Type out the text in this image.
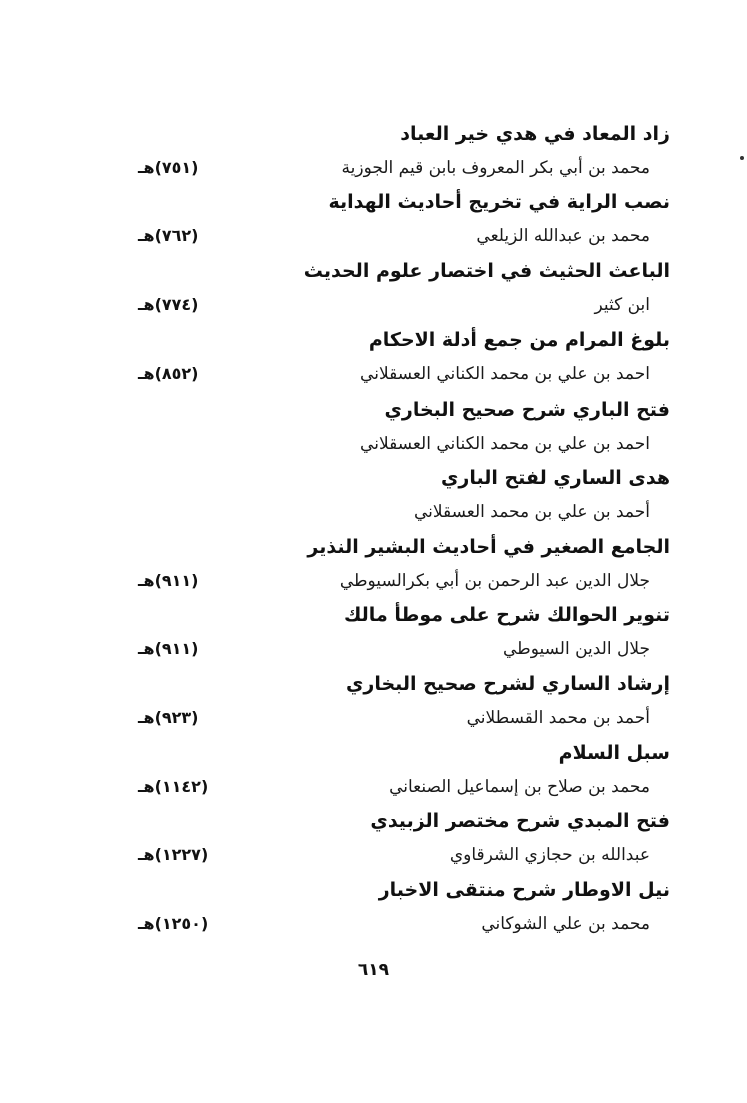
زاد المعاد في هدي خير العباد
محمد بن أبي بكر المعروف بابن قيم الجوزية
(٧٥١)هـ
نصب الراية في تخريج أحاديث الهداية
محمد بن عبدالله الزيلعي
(٧٦٢)هـ
الباعث الحثيث في اختصار علوم الحديث
ابن كثير
(٧٧٤)هـ
بلوغ المرام من جمع أدلة الاحكام
احمد بن علي بن محمد الكناني العسقلاني
(٨٥٢)هـ
فتح الباري شرح صحيح البخاري
احمد بن علي بن محمد الكناني العسقلاني
هدى الساري لفتح الباري
أحمد بن علي بن محمد العسقلاني
الجامع الصغير في أحاديث البشير النذير
جلال الدين عبد الرحمن بن أبي بكرالسيوطي
(٩١١)هـ
تنوير الحوالك شرح على موطأ مالك
جلال الدين السيوطي
(٩١١)هـ
إرشاد الساري لشرح صحيح البخاري
أحمد بن محمد القسطلاني
(٩٢٣)هـ
سبل السلام
محمد بن صلاح بن إسماعيل الصنعاني
(١١٤٢)هـ
فتح المبدي شرح مختصر الزبيدي
عبدالله بن حجازي الشرقاوي
(١٢٢٧)هـ
نيل الاوطار شرح منتقى الاخبار
محمد بن علي الشوكاني
(١٢٥٠)هـ
٦١٩
